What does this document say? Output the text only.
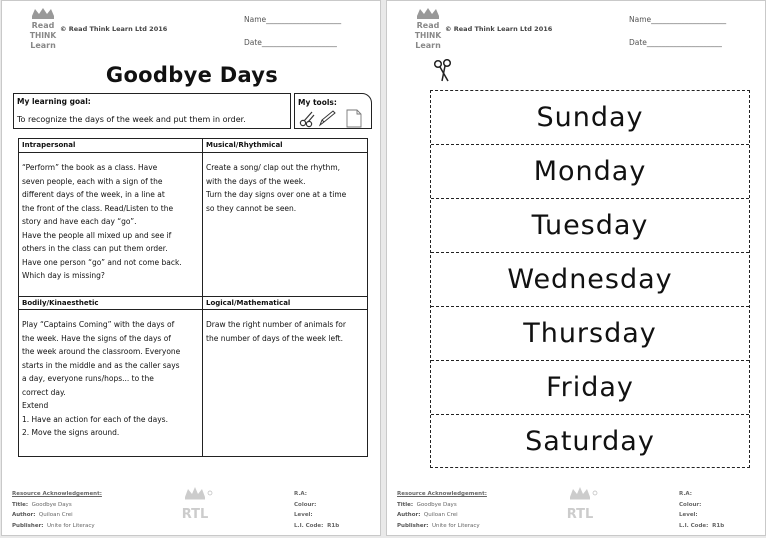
Read
THINK
Learn
© Read Think Learn Ltd 2016
Name____________________
Date____________________
Goodbye Days
My learning goal:
To recognize the days of the week and put them in order.
My tools:
Intrapersonal	Musical/Rhythmical

“Perform” the book as a class. Have

seven people, each with a sign of the

different days of the week, in a line at

the front of the class. Read/Listen to the

story and have each day “go”.

Have the people all mixed up and see if

others in the class can put them order.

Have one person “go” and not come back.

Which day is missing?

Create a song/ clap out the rhythm,

with the days of the week.

Turn the day signs over one at a time

so they cannot be seen.

Bodily/Kinaesthetic	Logical/Mathematical

Play “Captains Coming” with the days of

the week. Have the signs of the days of

the week around the classroom. Everyone

starts in the middle and as the caller says

a day, everyone runs/hops... to the

correct day.

Extend

1. Have an action for each of the days.

2. Move the signs around.

Draw the right number of animals for

the number of days of the week left.

Resource Acknowledgement:
Title: Goodbye Days
Author: Quiloan Crei
Publisher: Unite for Literacy
RTL
R.A:
Colour:
Level:
L.I. Code: R1b
Read
THINK
Learn
© Read Think Learn Ltd 2016
Name____________________
Date____________________
Sunday
Monday
Tuesday
Wednesday
Thursday
Friday
Saturday
Resource Acknowledgement:
Title: Goodbye Days
Author: Quiloan Crei
Publisher: Unite for Literacy
RTL
R.A:
Colour:
Level:
L.I. Code: R1b
